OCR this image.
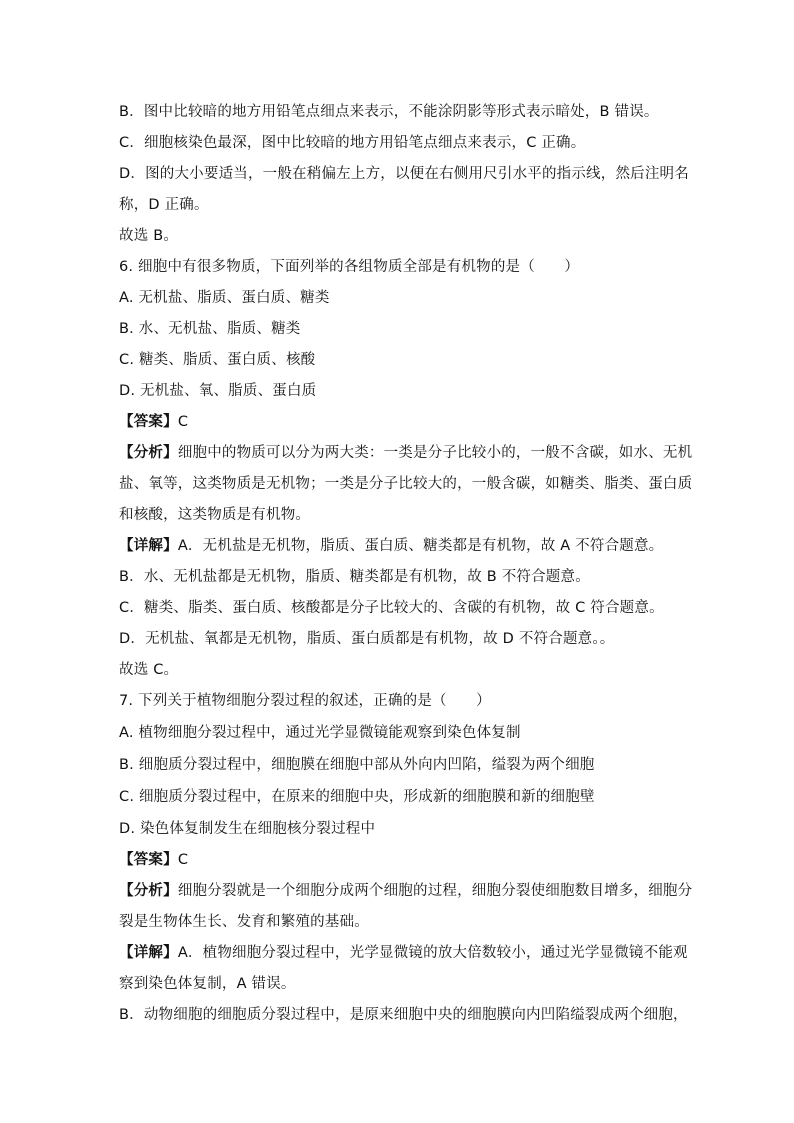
B．图中比较暗的地方用铅笔点细点来表示，不能涂阴影等形式表示暗处，B 错误。
C．细胞核染色最深，图中比较暗的地方用铅笔点细点来表示，C 正确。
D．图的大小要适当，一般在稍偏左上方，以便在右侧用尺引水平的指示线，然后注明名
称，D 正确。
故选 B。
6. 细胞中有很多物质，下面列举的各组物质全部是有机物的是（　　）
A. 无机盐、脂质、蛋白质、糖类
B. 水、无机盐、脂质、糖类
C. 糖类、脂质、蛋白质、核酸
D. 无机盐、氧、脂质、蛋白质
【答案】C
【分析】细胞中的物质可以分为两大类：一类是分子比较小的，一般不含碳，如水、无机
盐、氧等，这类物质是无机物；一类是分子比较大的，一般含碳，如糖类、脂类、蛋白质
和核酸，这类物质是有机物。
【详解】A．无机盐是无机物，脂质、蛋白质、糖类都是有机物，故 A 不符合题意。
B．水、无机盐都是无机物，脂质、糖类都是有机物，故 B 不符合题意。
C．糖类、脂类、蛋白质、核酸都是分子比较大的、含碳的有机物，故 C 符合题意。
D．无机盐、氧都是无机物，脂质、蛋白质都是有机物，故 D 不符合题意。。
故选 C。
7. 下列关于植物细胞分裂过程的叙述，正确的是（　　）
A. 植物细胞分裂过程中，通过光学显微镜能观察到染色体复制
B. 细胞质分裂过程中，细胞膜在细胞中部从外向内凹陷，缢裂为两个细胞
C. 细胞质分裂过程中，在原来的细胞中央，形成新的细胞膜和新的细胞壁
D. 染色体复制发生在细胞核分裂过程中
【答案】C
【分析】细胞分裂就是一个细胞分成两个细胞的过程，细胞分裂使细胞数目增多，细胞分
裂是生物体生长、发育和繁殖的基础。
【详解】A．植物细胞分裂过程中，光学显微镜的放大倍数较小，通过光学显微镜不能观
察到染色体复制，A 错误。
B．动物细胞的细胞质分裂过程中，是原来细胞中央的细胞膜向内凹陷缢裂成两个细胞，
